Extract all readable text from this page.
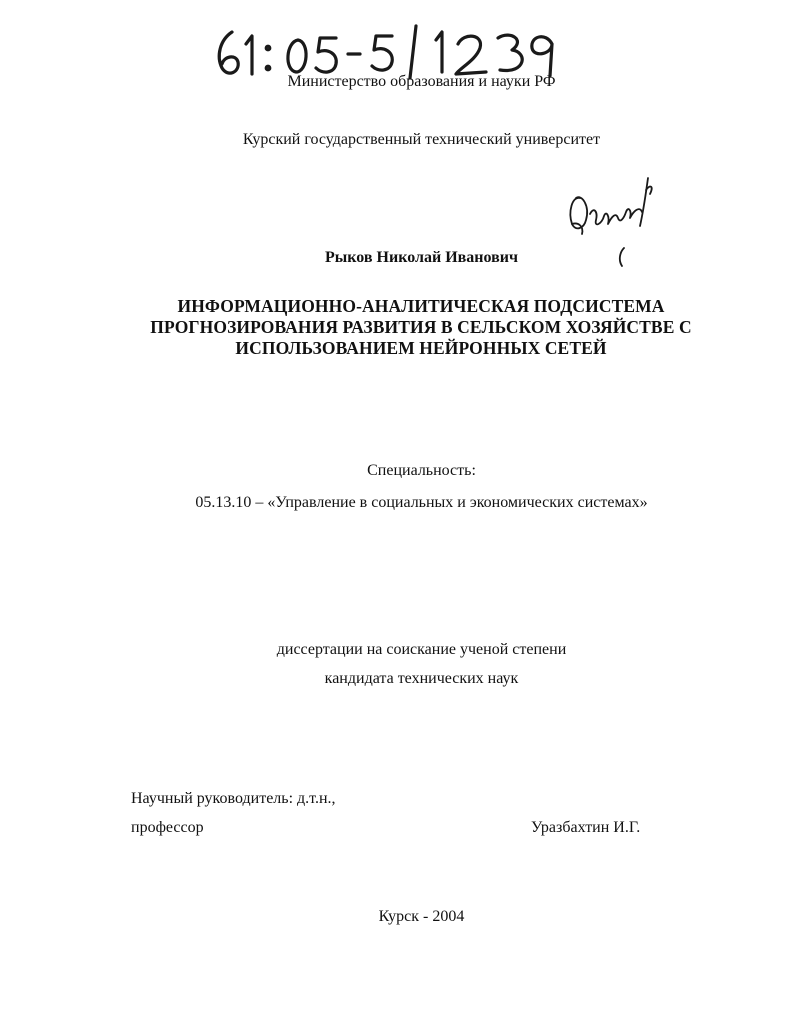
Министерство образования и науки РФ
Курский государственный технический университет
Рыков Николай Иванович
ИНФОРМАЦИОННО-АНАЛИТИЧЕСКАЯ ПОДСИСТЕМА
ПРОГНОЗИРОВАНИЯ РАЗВИТИЯ В СЕЛЬСКОМ ХОЗЯЙСТВЕ С
ИСПОЛЬЗОВАНИЕМ НЕЙРОННЫХ СЕТЕЙ
Специальность:
05.13.10 – «Управление в социальных и экономических системах»
диссертации на соискание ученой степени
кандидата технических наук
Научный руководитель: д.т.н.,
профессор	Уразбахтин И.Г.
Курск - 2004
